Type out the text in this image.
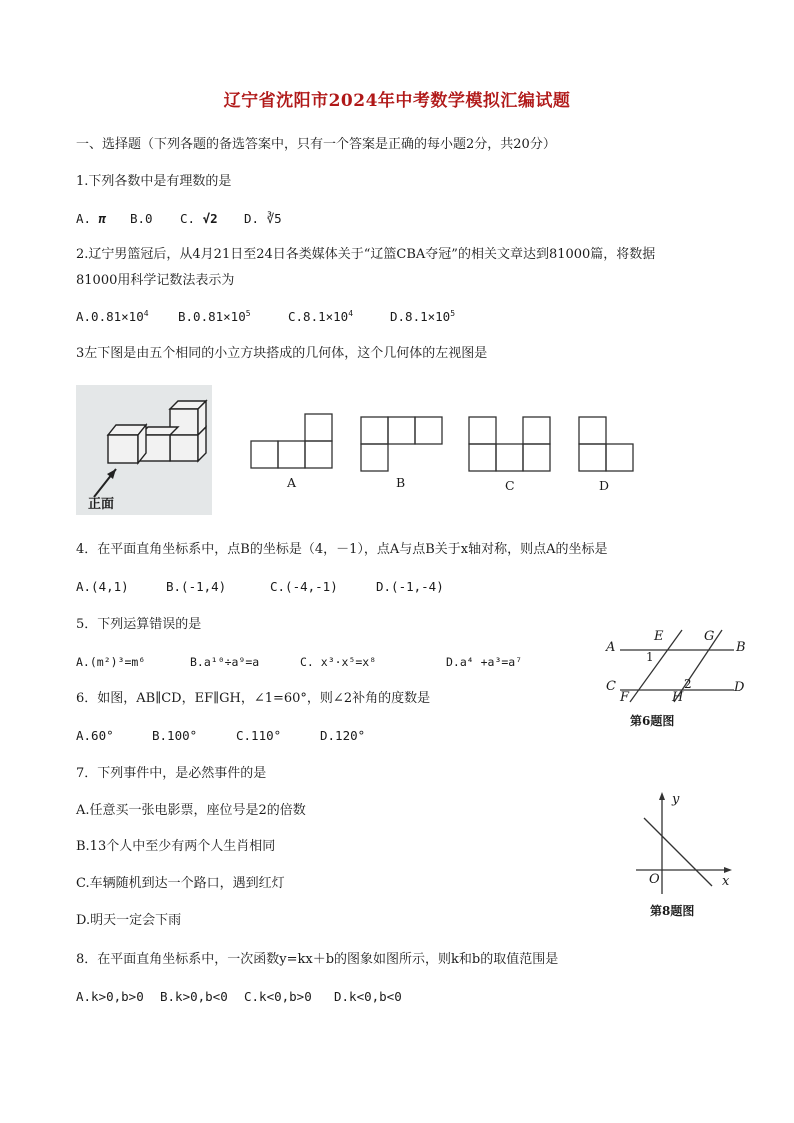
辽宁省沈阳市2024年中考数学模拟汇编试题
一、选择题（下列各题的备选答案中，只有一个答案是正确的每小题2分，共20分）
1.下列各数中是有理数的是
A. π B.0 C. √2 D. ∛5
2.辽宁男篮冠后，从4月21日至24日各类媒体关于“辽篮CBA夺冠”的相关文章达到81000篇，将数据
81000用科学记数法表示为
$A.0.81\times 10^4$ $B.0.81\times 10^5$	$C.8.1\times 10^4$	$D.8.1\times 10^5$
3左下图是由五个相同的小立方块搭成的几何体，这个几何体的左视图是
正面
A	B	C	D
4．在平面直角坐标系中，点B的坐标是（4，－1），点A与点B关于x轴对称，则点A的坐标是
A.(4,1)	B.(-1,4)	C.(-4,-1)	D.(-1,-4)
5．下列运算错误的是
A.(m²)³=m⁶	B.a¹⁰÷a⁹=a	C. x³·x⁵=x⁸	D.a⁴ +a³=a⁷
6．如图，AB∥CD，EF∥GH，∠1=60°，则∠2补角的度数是
A.60°	B.100°	C.110°	D.120°
A	B
C	D
E	G
F	H
1
2
第6题图
7．下列事件中，是必然事件的是
A.任意买一张电影票，座位号是2的倍数
B.13个人中至少有两个人生肖相同
C.车辆随机到达一个路口，遇到红灯
D.明天一定会下雨
y
x
O
第8题图
8．在平面直角坐标系中，一次函数y=kx＋b的图象如图所示，则k和b的取值范围是
A.k>0,b>0 B.k>0,b<0 C.k<0,b>0 D.k<0,b<0
